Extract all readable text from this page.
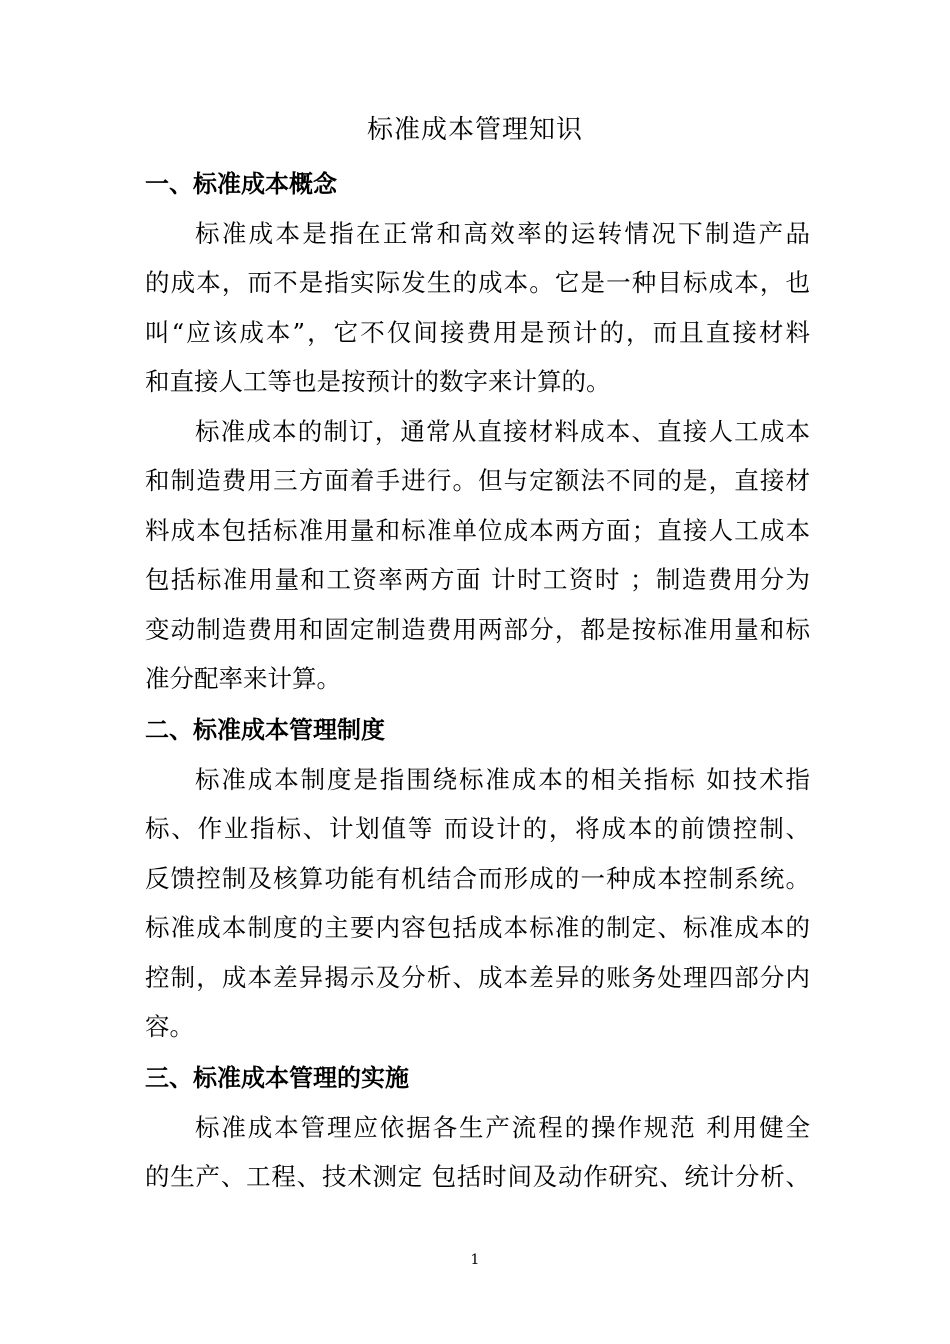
标准成本管理知识
一、标准成本概念
标准成本是指在正常和高效率的运转情况下制造产品
的成本，而不是指实际发生的成本。它是一种目标成本，也
叫“应该成本”，它不仅间接费用是预计的，而且直接材料
和直接人工等也是按预计的数字来计算的。
标准成本的制订，通常从直接材料成本、直接人工成本
和制造费用三方面着手进行。但与定额法不同的是，直接材
料成本包括标准用量和标准单位成本两方面；直接人工成本
包括标准用量和工资率两方面 计时工资时 ；制造费用分为
变动制造费用和固定制造费用两部分，都是按标准用量和标
准分配率来计算。
二、标准成本管理制度
标准成本制度是指围绕标准成本的相关指标 如技术指
标、作业指标、计划值等 而设计的，将成本的前馈控制、
反馈控制及核算功能有机结合而形成的一种成本控制系统。
标准成本制度的主要内容包括成本标准的制定、标准成本的
控制，成本差异揭示及分析、成本差异的账务处理四部分内
容。
三、标准成本管理的实施
标准成本管理应依据各生产流程的操作规范 利用健全
的生产、工程、技术测定 包括时间及动作研究、统计分析、
1
